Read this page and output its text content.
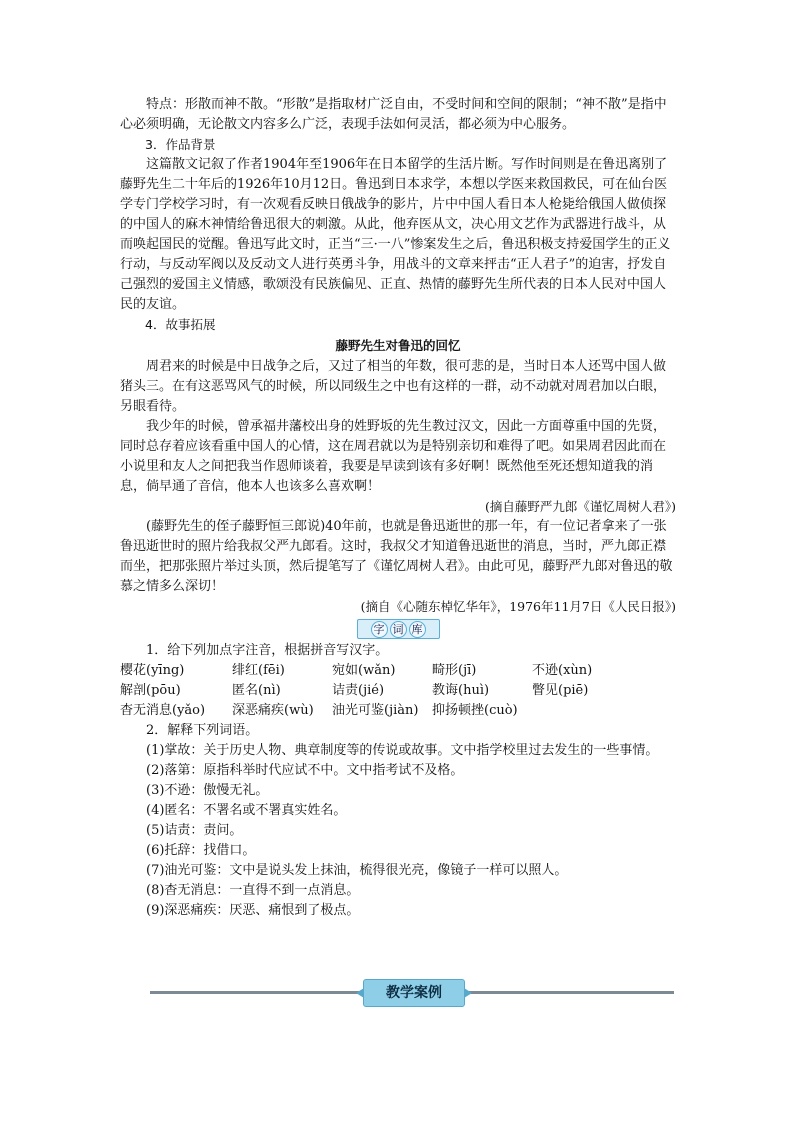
特点：形散而神不散。“形散”是指取材广泛自由，不受时间和空间的限制；“神不散”是指中心必须明确，无论散文内容多么广泛，表现手法如何灵活，都必须为中心服务。

3．作品背景

这篇散文记叙了作者1904年至1906年在日本留学的生活片断。写作时间则是在鲁迅离别了藤野先生二十年后的1926年10月12日。鲁迅到日本求学，本想以学医来救国救民，可在仙台医学专门学校学习时，有一次观看反映日俄战争的影片，片中中国人看日本人枪毙给俄国人做侦探的中国人的麻木神情给鲁迅很大的刺激。从此，他弃医从文，决心用文艺作为武器进行战斗，从而唤起国民的觉醒。鲁迅写此文时，正当“三·一八”惨案发生之后，鲁迅积极支持爱国学生的正义行动，与反动军阀以及反动文人进行英勇斗争，用战斗的文章来抨击“正人君子”的迫害，抒发自己强烈的爱国主义情感，歌颂没有民族偏见、正直、热情的藤野先生所代表的日本人民对中国人民的友谊。

4．故事拓展

藤野先生对鲁迅的回忆

周君来的时候是中日战争之后，又过了相当的年数，很可悲的是，当时日本人还骂中国人做猪头三。在有这恶骂风气的时候，所以同级生之中也有这样的一群，动不动就对周君加以白眼，另眼看待。

我少年的时候，曾承福井藩校出身的姓野坂的先生教过汉文，因此一方面尊重中国的先贤，同时总存着应该看重中国人的心情，这在周君就以为是特别亲切和难得了吧。如果周君因此而在小说里和友人之间把我当作恩师谈着，我要是早读到该有多好啊！既然他至死还想知道我的消息，倘早通了音信，他本人也该多么喜欢啊！

(摘自藤野严九郎《谨忆周树人君》)

(藤野先生的侄子藤野恒三郎说)40年前，也就是鲁迅逝世的那一年，有一位记者拿来了一张鲁迅逝世时的照片给我叔父严九郎看。这时，我叔父才知道鲁迅逝世的消息，当时，严九郎正襟而坐，把那张照片举过头顶，然后提笔写了《谨忆周树人君》。由此可见，藤野严九郎对鲁迅的敬慕之情多么深切！

(摘自《心随东棹忆华年》，1976年11月7日《人民日报》)

字 词 库

1．给下列加点字注音，根据拼音写汉字。

樱花(yīng)	绯红(fēi)	宛如(wǎn)	畸形(jī)	不逊(xùn)
解剖(pōu)	匿名(nì)	诘责(jié)	教诲(huì)	瞥见(piē)
杳无消息(yǎo)	深恶痛疾(wù)	油光可鉴(jiàn)	抑扬顿挫(cuò)

2．解释下列词语。

(1)掌故：关于历史人物、典章制度等的传说或故事。文中指学校里过去发生的一些事情。

(2)落第：原指科举时代应试不中。文中指考试不及格。

(3)不逊：傲慢无礼。

(4)匿名：不署名或不署真实姓名。

(5)诘责：责问。

(6)托辞：找借口。

(7)油光可鉴：文中是说头发上抹油，梳得很光亮，像镜子一样可以照人。

(8)杳无消息：一直得不到一点消息。

(9)深恶痛疾：厌恶、痛恨到了极点。

教学案例
